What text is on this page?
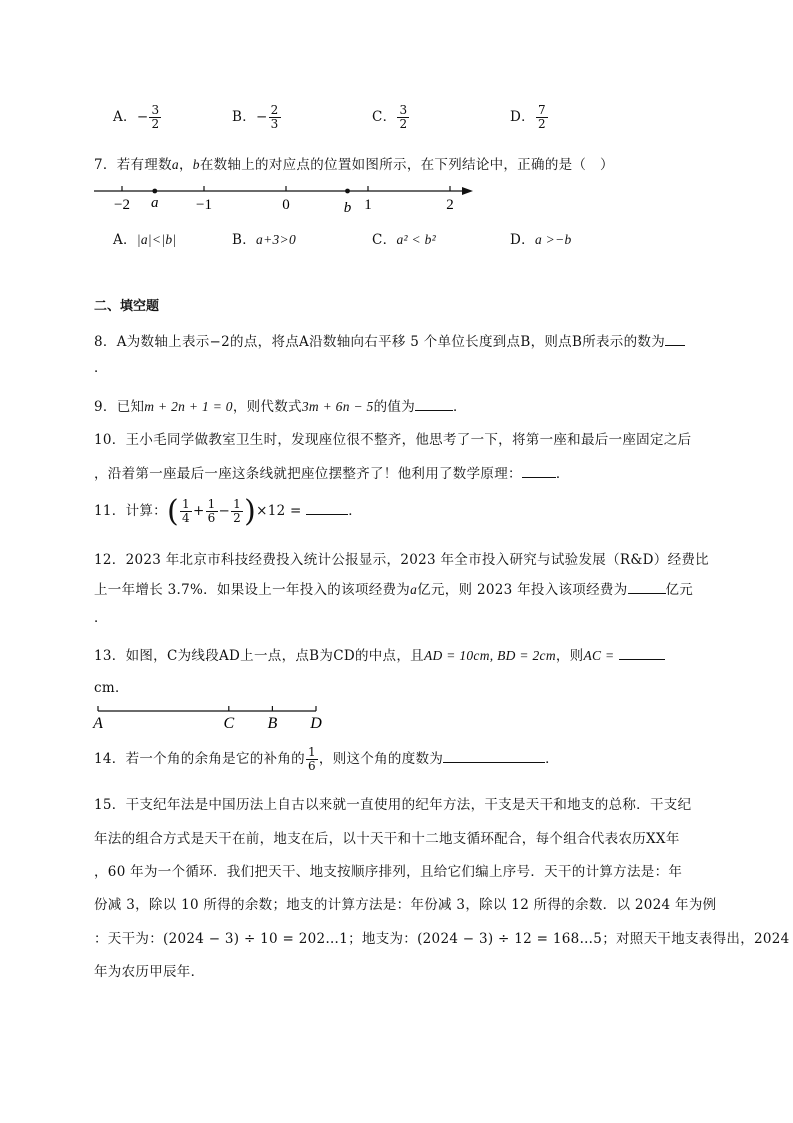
A．− $\frac{3}{2}$	B．− $\frac{2}{3}$	C． $\frac{3}{2}$	D． $\frac{7}{2}$
7．若有理数a，b在数轴上的对应点的位置如图所示，在下列结论中，正确的是（　）
−2	−1	0	1	2
a	b
A．|a|<|b|	B．a+3>0	C．a² < b²	D．a >−b
二、填空题
8．A为数轴上表示−2的点，将点A沿数轴向右平移 5 个单位长度到点B，则点B所表示的数为
．
9．已知m + 2n + 1 = 0，则代数式3m + 6n − 5的值为	．
10．王小毛同学做教室卫生时，发现座位很不整齐，他思考了一下，将第一座和最后一座固定之后
，沿着第一座最后一座这条线就把座位摆整齐了！他利用了数学原理：	．
11．计算：( $\frac{1}{4} + \frac{1}{6} - \frac{1}{2} )\times 12$ =	．
12．2023 年北京市科技经费投入统计公报显示，2023 年全市投入研究与试验发展（R&D）经费比
上一年增长 3.7%．如果设上一年投入的该项经费为a亿元，则 2023 年投入该项经费为	亿元
．
13．如图，C为线段AD上一点，点B为CD的中点，且AD = 10cm, BD = 2cm，则AC =
cm．
A	C B D
14．若一个角的余角是它的补角的 $\frac{1}{6}$ ，则这个角的度数为	．
15．干支纪年法是中国历法上自古以来就一直使用的纪年方法，干支是天干和地支的总称．干支纪
年法的组合方式是天干在前，地支在后，以十天干和十二地支循环配合，每个组合代表农历XX年
，60 年为一个循环．我们把天干、地支按顺序排列，且给它们编上序号．天干的计算方法是：年
份减 3，除以 10 所得的余数；地支的计算方法是：年份减 3，除以 12 所得的余数．以 2024 年为例
：天干为：(2024 − 3) ÷ 10 = 202…1；地支为：(2024 − 3) ÷ 12 = 168…5；对照天干地支表得出，2024
年为农历甲辰年．
